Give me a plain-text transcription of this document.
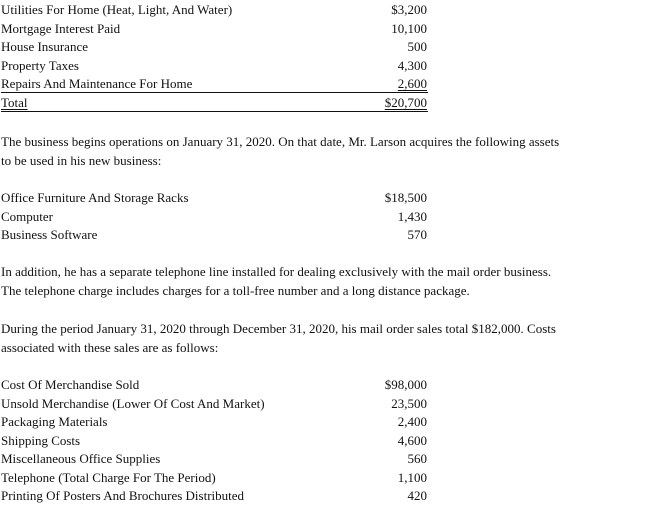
Utilities For Home (Heat, Light, And Water)	$3,200
Mortgage Interest Paid	10,100
House Insurance	500
Property Taxes	4,300
Repairs And Maintenance For Home	2,600
Total	$20,700
The business begins operations on January 31, 2020. On that date, Mr. Larson acquires the following assets
to be used in his new business:
Office Furniture And Storage Racks	$18,500
Computer	1,430
Business Software	570
In addition, he has a separate telephone line installed for dealing exclusively with the mail order business.
The telephone charge includes charges for a toll-free number and a long distance package.
During the period January 31, 2020 through December 31, 2020, his mail order sales total $182,000. Costs
associated with these sales are as follows:
Cost Of Merchandise Sold	$98,000
Unsold Merchandise (Lower Of Cost And Market)	23,500
Packaging Materials	2,400
Shipping Costs	4,600
Miscellaneous Office Supplies	560
Telephone (Total Charge For The Period)	1,100
Printing Of Posters And Brochures Distributed	420
